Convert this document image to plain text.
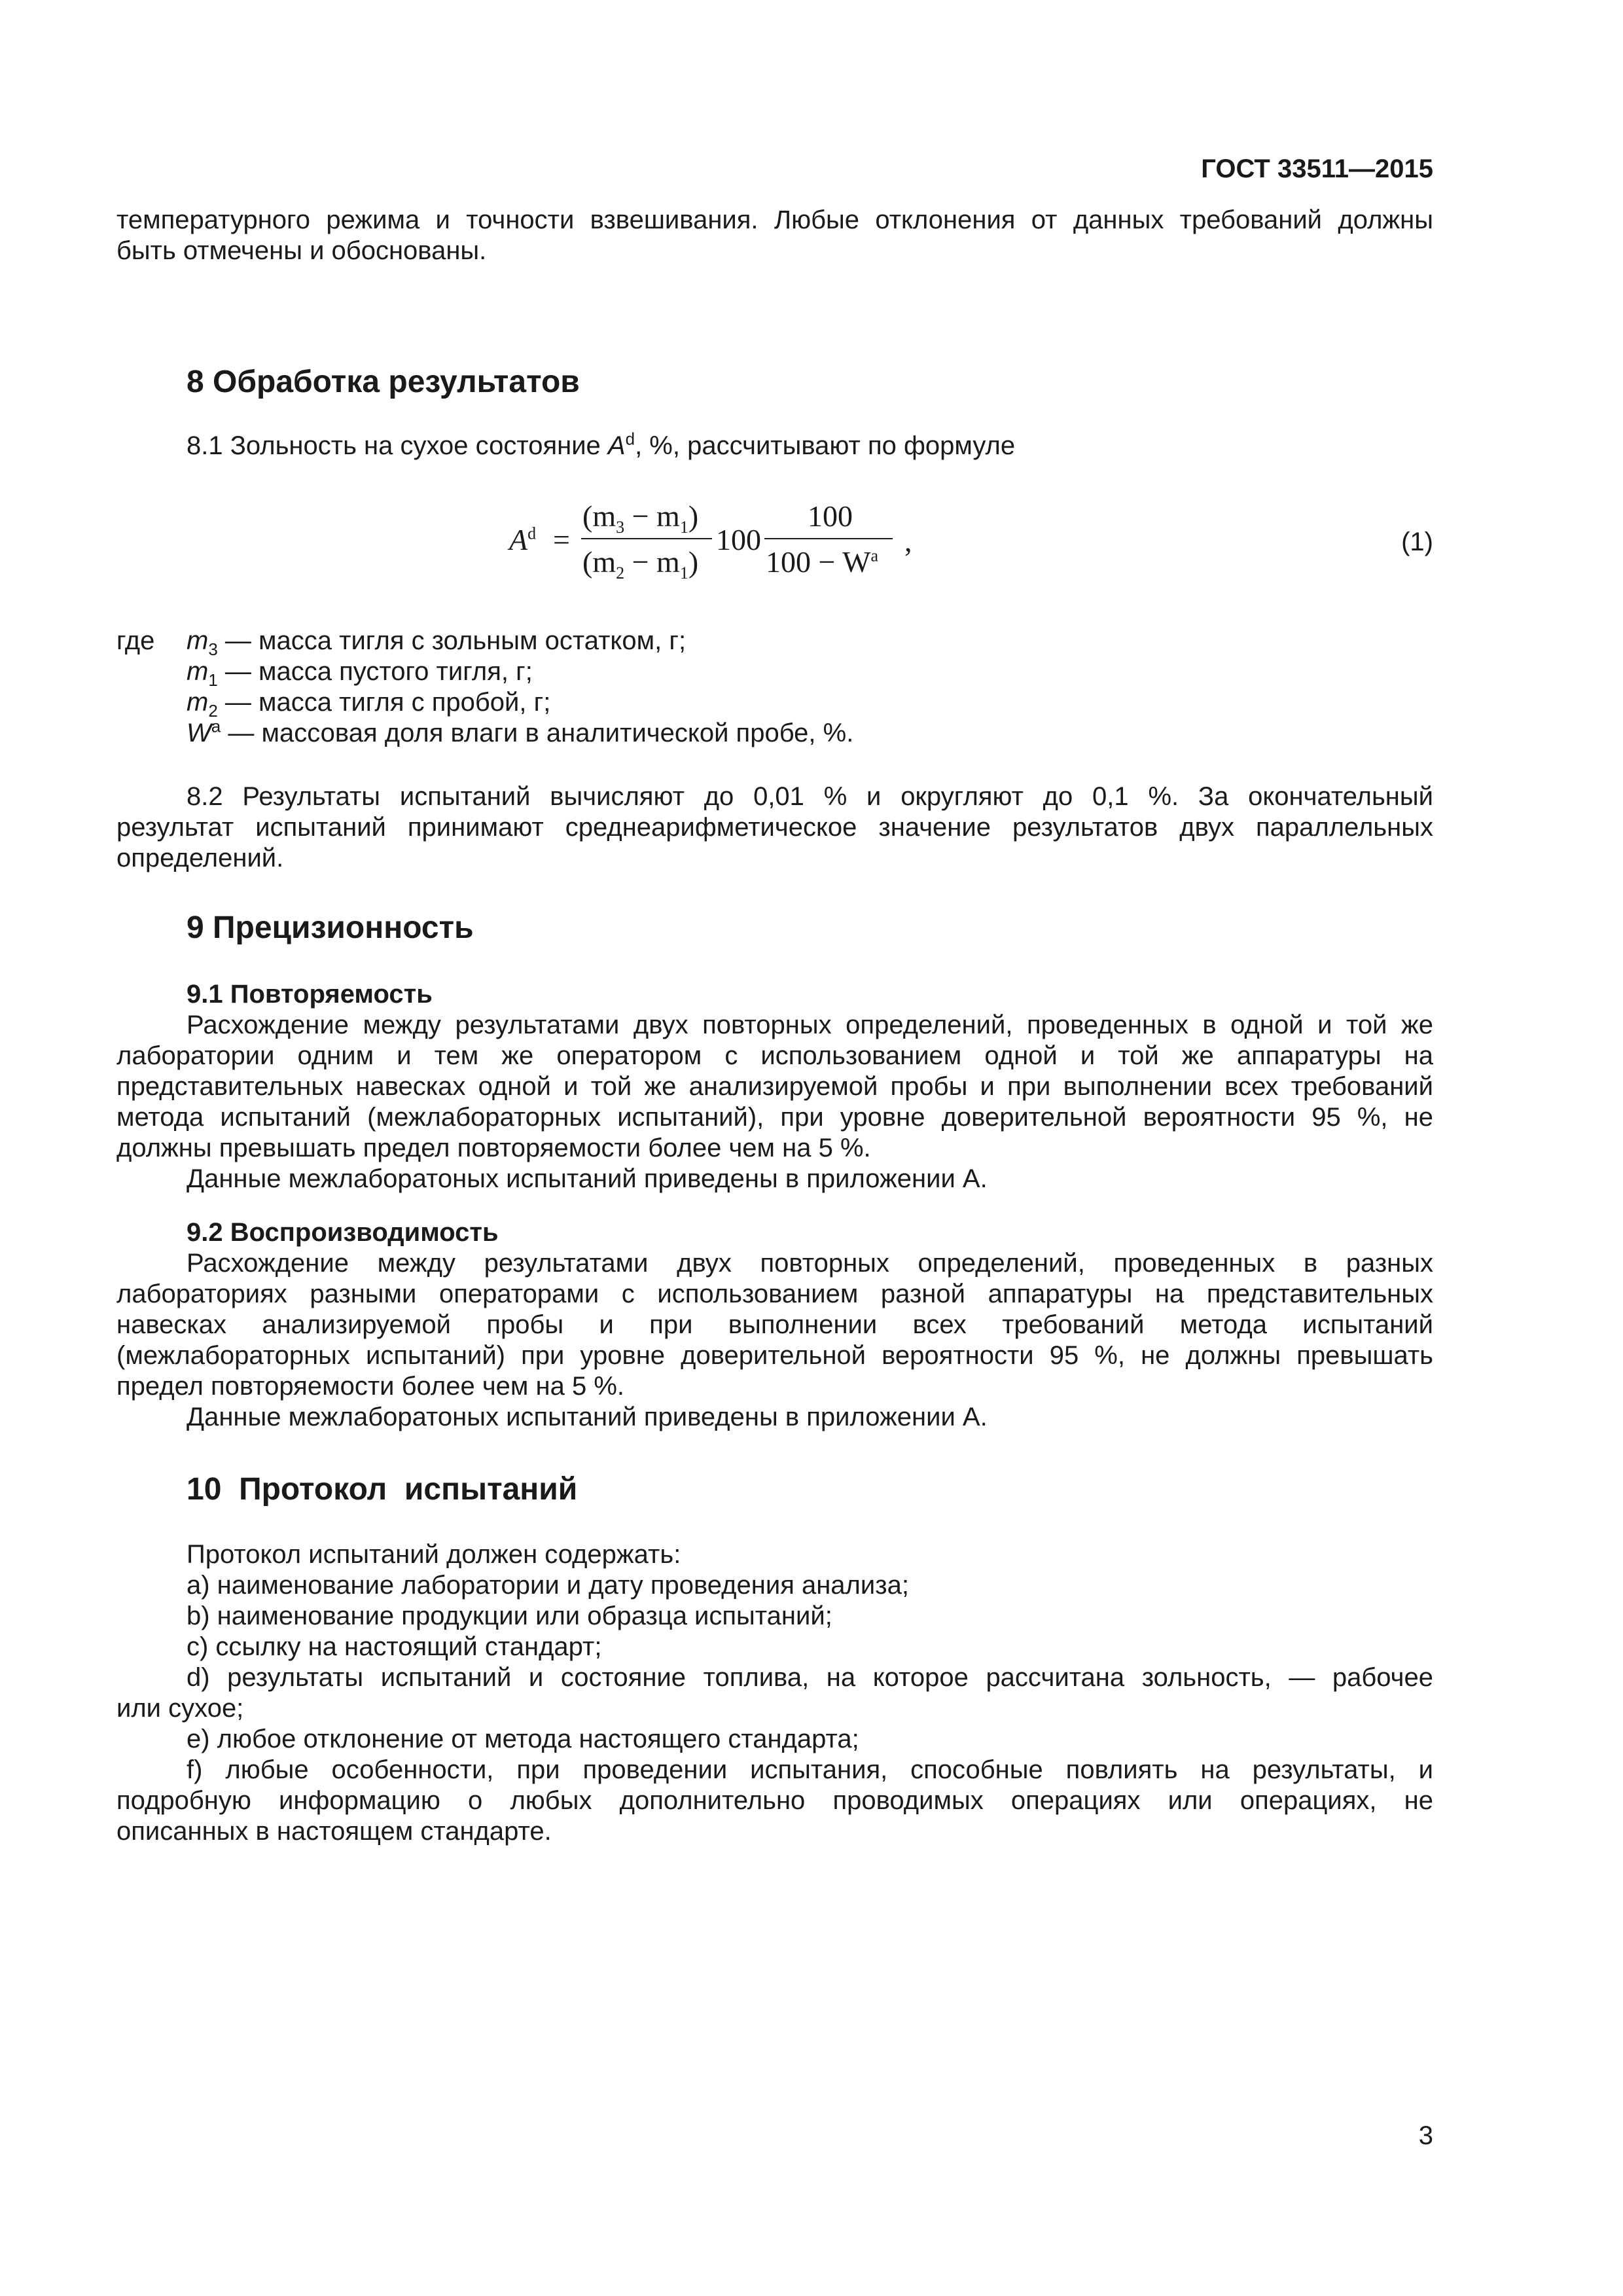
ГОСТ 33511—2015
температурного режима и точности взвешивания. Любые отклонения от данных требований должны
быть отмечены и обоснованы.
8 Обработка результатов
8.1 Зольность на сухое состояние $A^d$, %, рассчитывают по формуле
$A^d$ =
$(m_3 - m_1)$
$(m_2 - m_1)$
100
100
$100 - W^a$ ,	(1)
где $m_3$ — масса тигля с зольным остатком, г;
$m_1$ — масса пустого тигля, г;
$m_2$ — масса тигля с пробой, г;
$W^a$ — массовая доля влаги в аналитической пробе, %.
8.2 Результаты испытаний вычисляют до 0,01 % и округляют до 0,1 %. За окончательный
результат испытаний принимают среднеарифметическое значение результатов двух параллельных
определений.
9 Прецизионность
9.1 Повторяемость
Расхождение между результатами двух повторных определений, проведенных в одной и той же
лаборатории одним и тем же оператором с использованием одной и той же аппаратуры на
представительных навесках одной и той же анализируемой пробы и при выполнении всех требований
метода испытаний (межлабораторных испытаний), при уровне доверительной вероятности 95 %, не
должны превышать предел повторяемости более чем на 5 %.
Данные межлаборатоных испытаний приведены в приложении А.
9.2 Воспроизводимость
Расхождение между результатами двух повторных определений, проведенных в разных
лабораториях разными операторами с использованием разной аппаратуры на представительных
навесках анализируемой пробы и при выполнении всех требований метода испытаний
(межлабораторных испытаний) при уровне доверительной вероятности 95 %, не должны превышать
предел повторяемости более чем на 5 %.
Данные межлаборатоных испытаний приведены в приложении А.
10  Протокол  испытаний
Протокол испытаний должен содержать:
a) наименование лаборатории и дату проведения анализа;
b) наименование продукции или образца испытаний;
c) ссылку на настоящий стандарт;
d) результаты испытаний и состояние топлива, на которое рассчитана зольность, — рабочее
или сухое;
e) любое отклонение от метода настоящего стандарта;
f) любые особенности, при проведении испытания, способные повлиять на результаты, и
подробную информацию о любых дополнительно проводимых операциях или операциях, не
описанных в настоящем стандарте.
3
